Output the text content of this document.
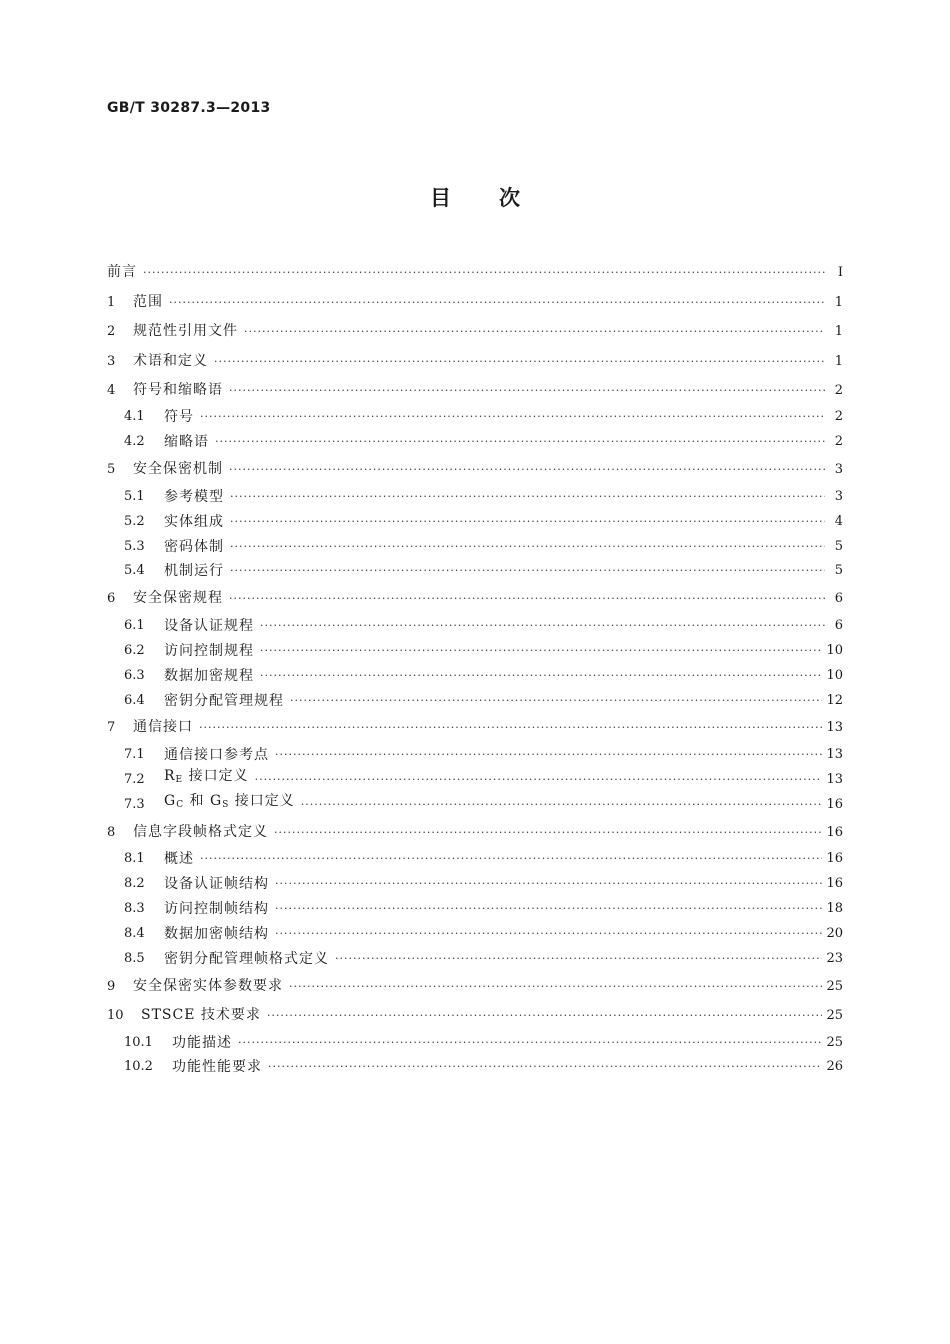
GB/T 30287.3—2013
目 次
前言 ·····	Ⅰ
1	范围 ·····	1
2	规范性引用文件 ·····	1
3	术语和定义 ·····	1
4	符号和缩略语 ·····	2
4.1	符号 ·····	2
4.2	缩略语 ·····	2
5	安全保密机制 ·····	3
5.1	参考模型 ·····	3
5.2	实体组成 ·····	4
5.3	密码体制 ·····	5
5.4	机制运行 ·····	5
6	安全保密规程 ·····	6
6.1	设备认证规程 ·····	6
6.2	访问控制规程 ·····	10
6.3	数据加密规程 ·····	10
6.4	密钥分配管理规程 ·····	12
7	通信接口 ·····	13
7.1	通信接口参考点 ·····	13
7.2	$R_E$ 接口定义 ·····	13
7.3	$G_C$ 和 $G_S$ 接口定义 ·····	16
8	信息字段帧格式定义 ·····	16
8.1	概述 ·····	16
8.2	设备认证帧结构 ·····	16
8.3	访问控制帧结构 ·····	18
8.4	数据加密帧结构 ·····	20
8.5	密钥分配管理帧格式定义 ·····	23
9	安全保密实体参数要求 ·····	25
10	STSCE 技术要求 ·····	25
10.1	功能描述 ·····	25
10.2	功能性能要求 ·····	26
